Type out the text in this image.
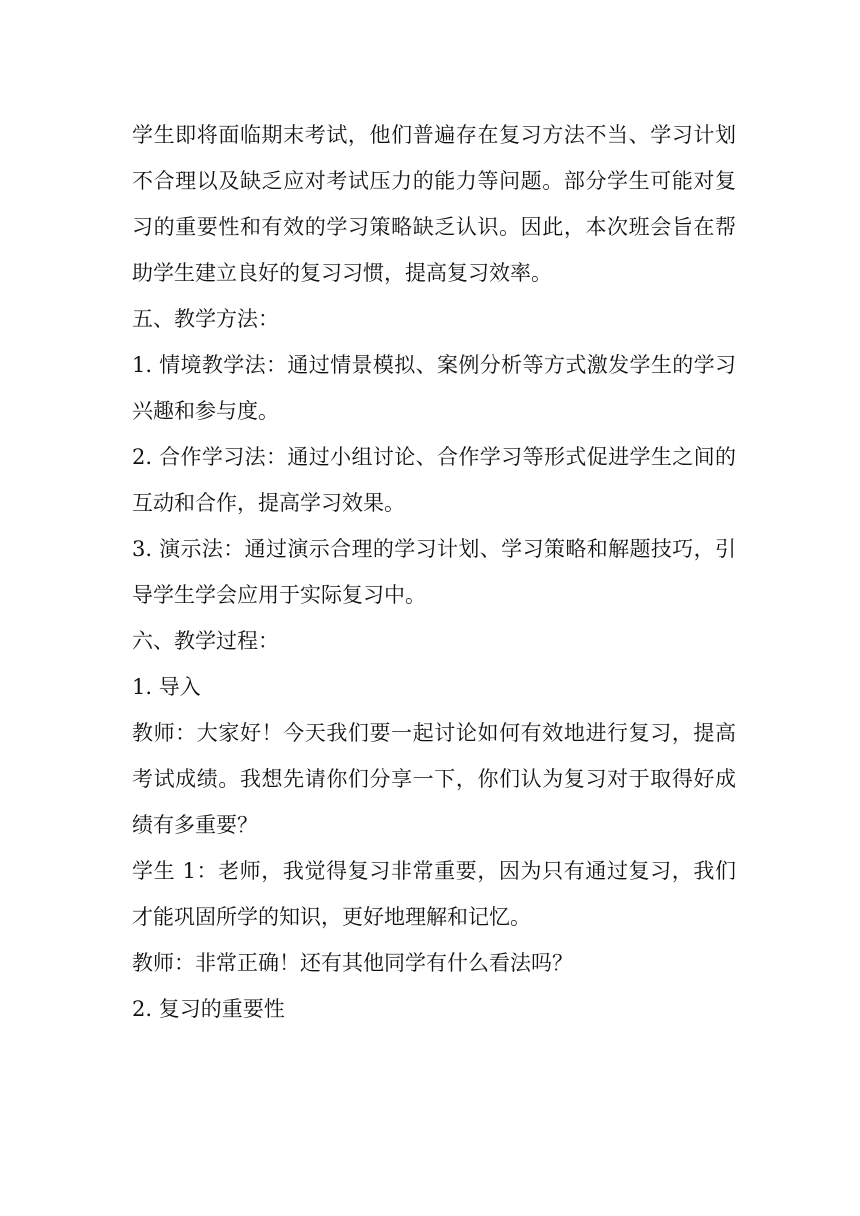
学生即将面临期末考试，他们普遍存在复习方法不当、学习计划不合理以及缺乏应对考试压力的能力等问题。部分学生可能对复习的重要性和有效的学习策略缺乏认识。因此，本次班会旨在帮助学生建立良好的复习习惯，提高复习效率。

五、教学方法：

1. 情境教学法：通过情景模拟、案例分析等方式激发学生的学习兴趣和参与度。

2. 合作学习法：通过小组讨论、合作学习等形式促进学生之间的互动和合作，提高学习效果。

3. 演示法：通过演示合理的学习计划、学习策略和解题技巧，引导学生学会应用于实际复习中。

六、教学过程：

1. 导入

教师：大家好！今天我们要一起讨论如何有效地进行复习，提高考试成绩。我想先请你们分享一下，你们认为复习对于取得好成绩有多重要？

学生 1：老师，我觉得复习非常重要，因为只有通过复习，我们才能巩固所学的知识，更好地理解和记忆。

教师：非常正确！还有其他同学有什么看法吗？

2. 复习的重要性
